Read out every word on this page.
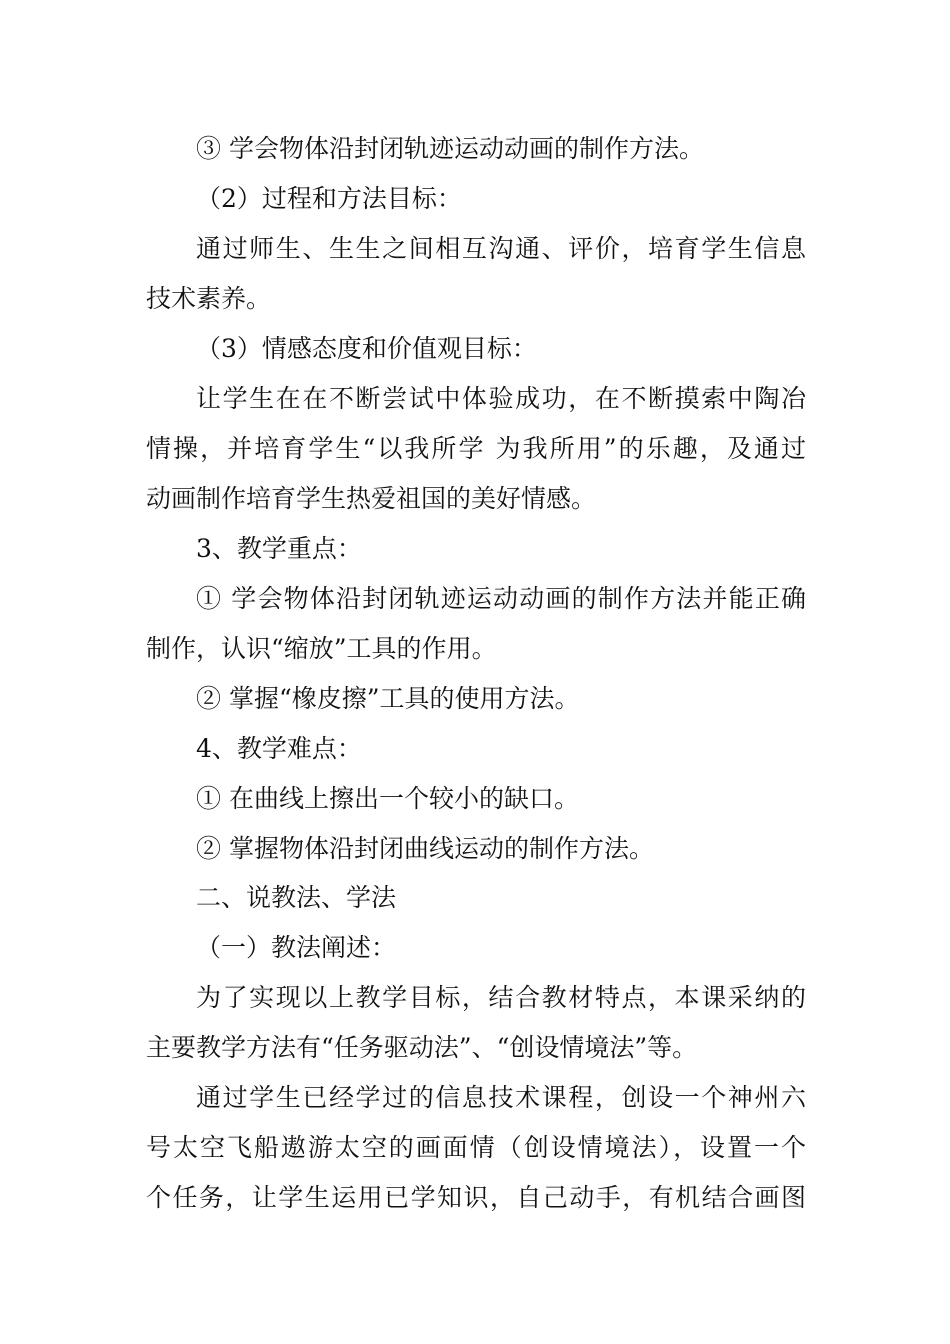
③ 学会物体沿封闭轨迹运动动画的制作方法。
（2）过程和方法目标：
通过师生、生生之间相互沟通、评价，培育学生信息
技术素养。
（3）情感态度和价值观目标：
让学生在在不断尝试中体验成功，在不断摸索中陶冶
情操，并培育学生“以我所学 为我所用”的乐趣，及通过
动画制作培育学生热爱祖国的美好情感。
3、教学重点：
① 学会物体沿封闭轨迹运动动画的制作方法并能正确
制作，认识“缩放”工具的作用。
② 掌握“橡皮擦”工具的使用方法。
4、教学难点：
① 在曲线上擦出一个较小的缺口。
② 掌握物体沿封闭曲线运动的制作方法。
二、说教法、学法
（一）教法阐述：
为了实现以上教学目标，结合教材特点，本课采纳的
主要教学方法有“任务驱动法”、“创设情境法”等。
通过学生已经学过的信息技术课程，创设一个神州六
号太空飞船遨游太空的画面情（创设情境法），设置一个
个任务，让学生运用已学知识，自己动手，有机结合画图
